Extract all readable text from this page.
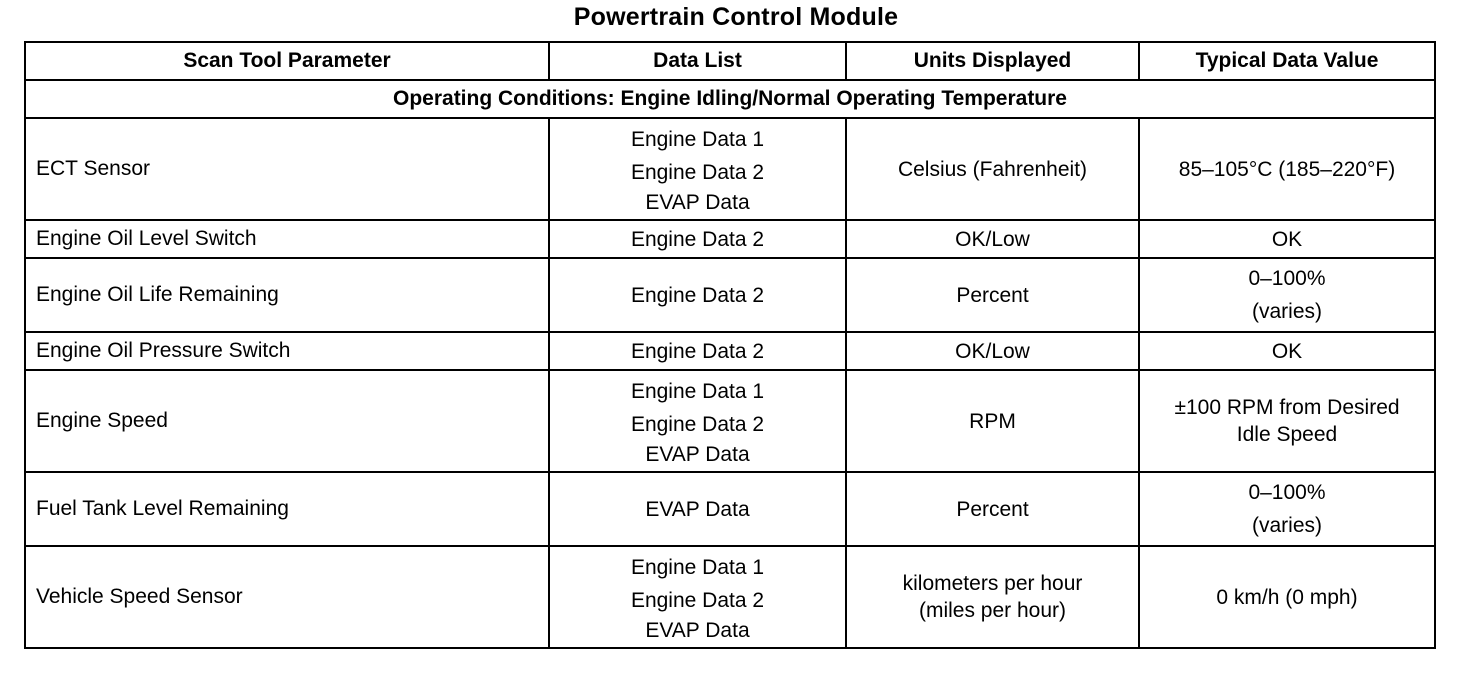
Powertrain Control Module
Scan Tool Parameter	Data List	Units Displayed	Typical Data Value
Operating Conditions: Engine Idling/Normal Operating Temperature			
ECT Sensor	Engine Data 1
Engine Data 2
EVAP Data	Celsius (Fahrenheit)	85–105°C (185–220°F)

Engine Oil Level Switch	Engine Data 2	OK/Low	OK

Engine Oil Life Remaining	Engine Data 2	Percent	0–100%
(varies)

Engine Oil Pressure Switch	Engine Data 2	OK/Low	OK

Engine Speed	Engine Data 1
Engine Data 2
EVAP Data	RPM	±100 RPM from Desired
Idle Speed

Fuel Tank Level Remaining	EVAP Data	Percent	0–100%
(varies)

Vehicle Speed Sensor	Engine Data 1
Engine Data 2
EVAP Data	kilometers per hour
(miles per hour)	0 km/h (0 mph)
